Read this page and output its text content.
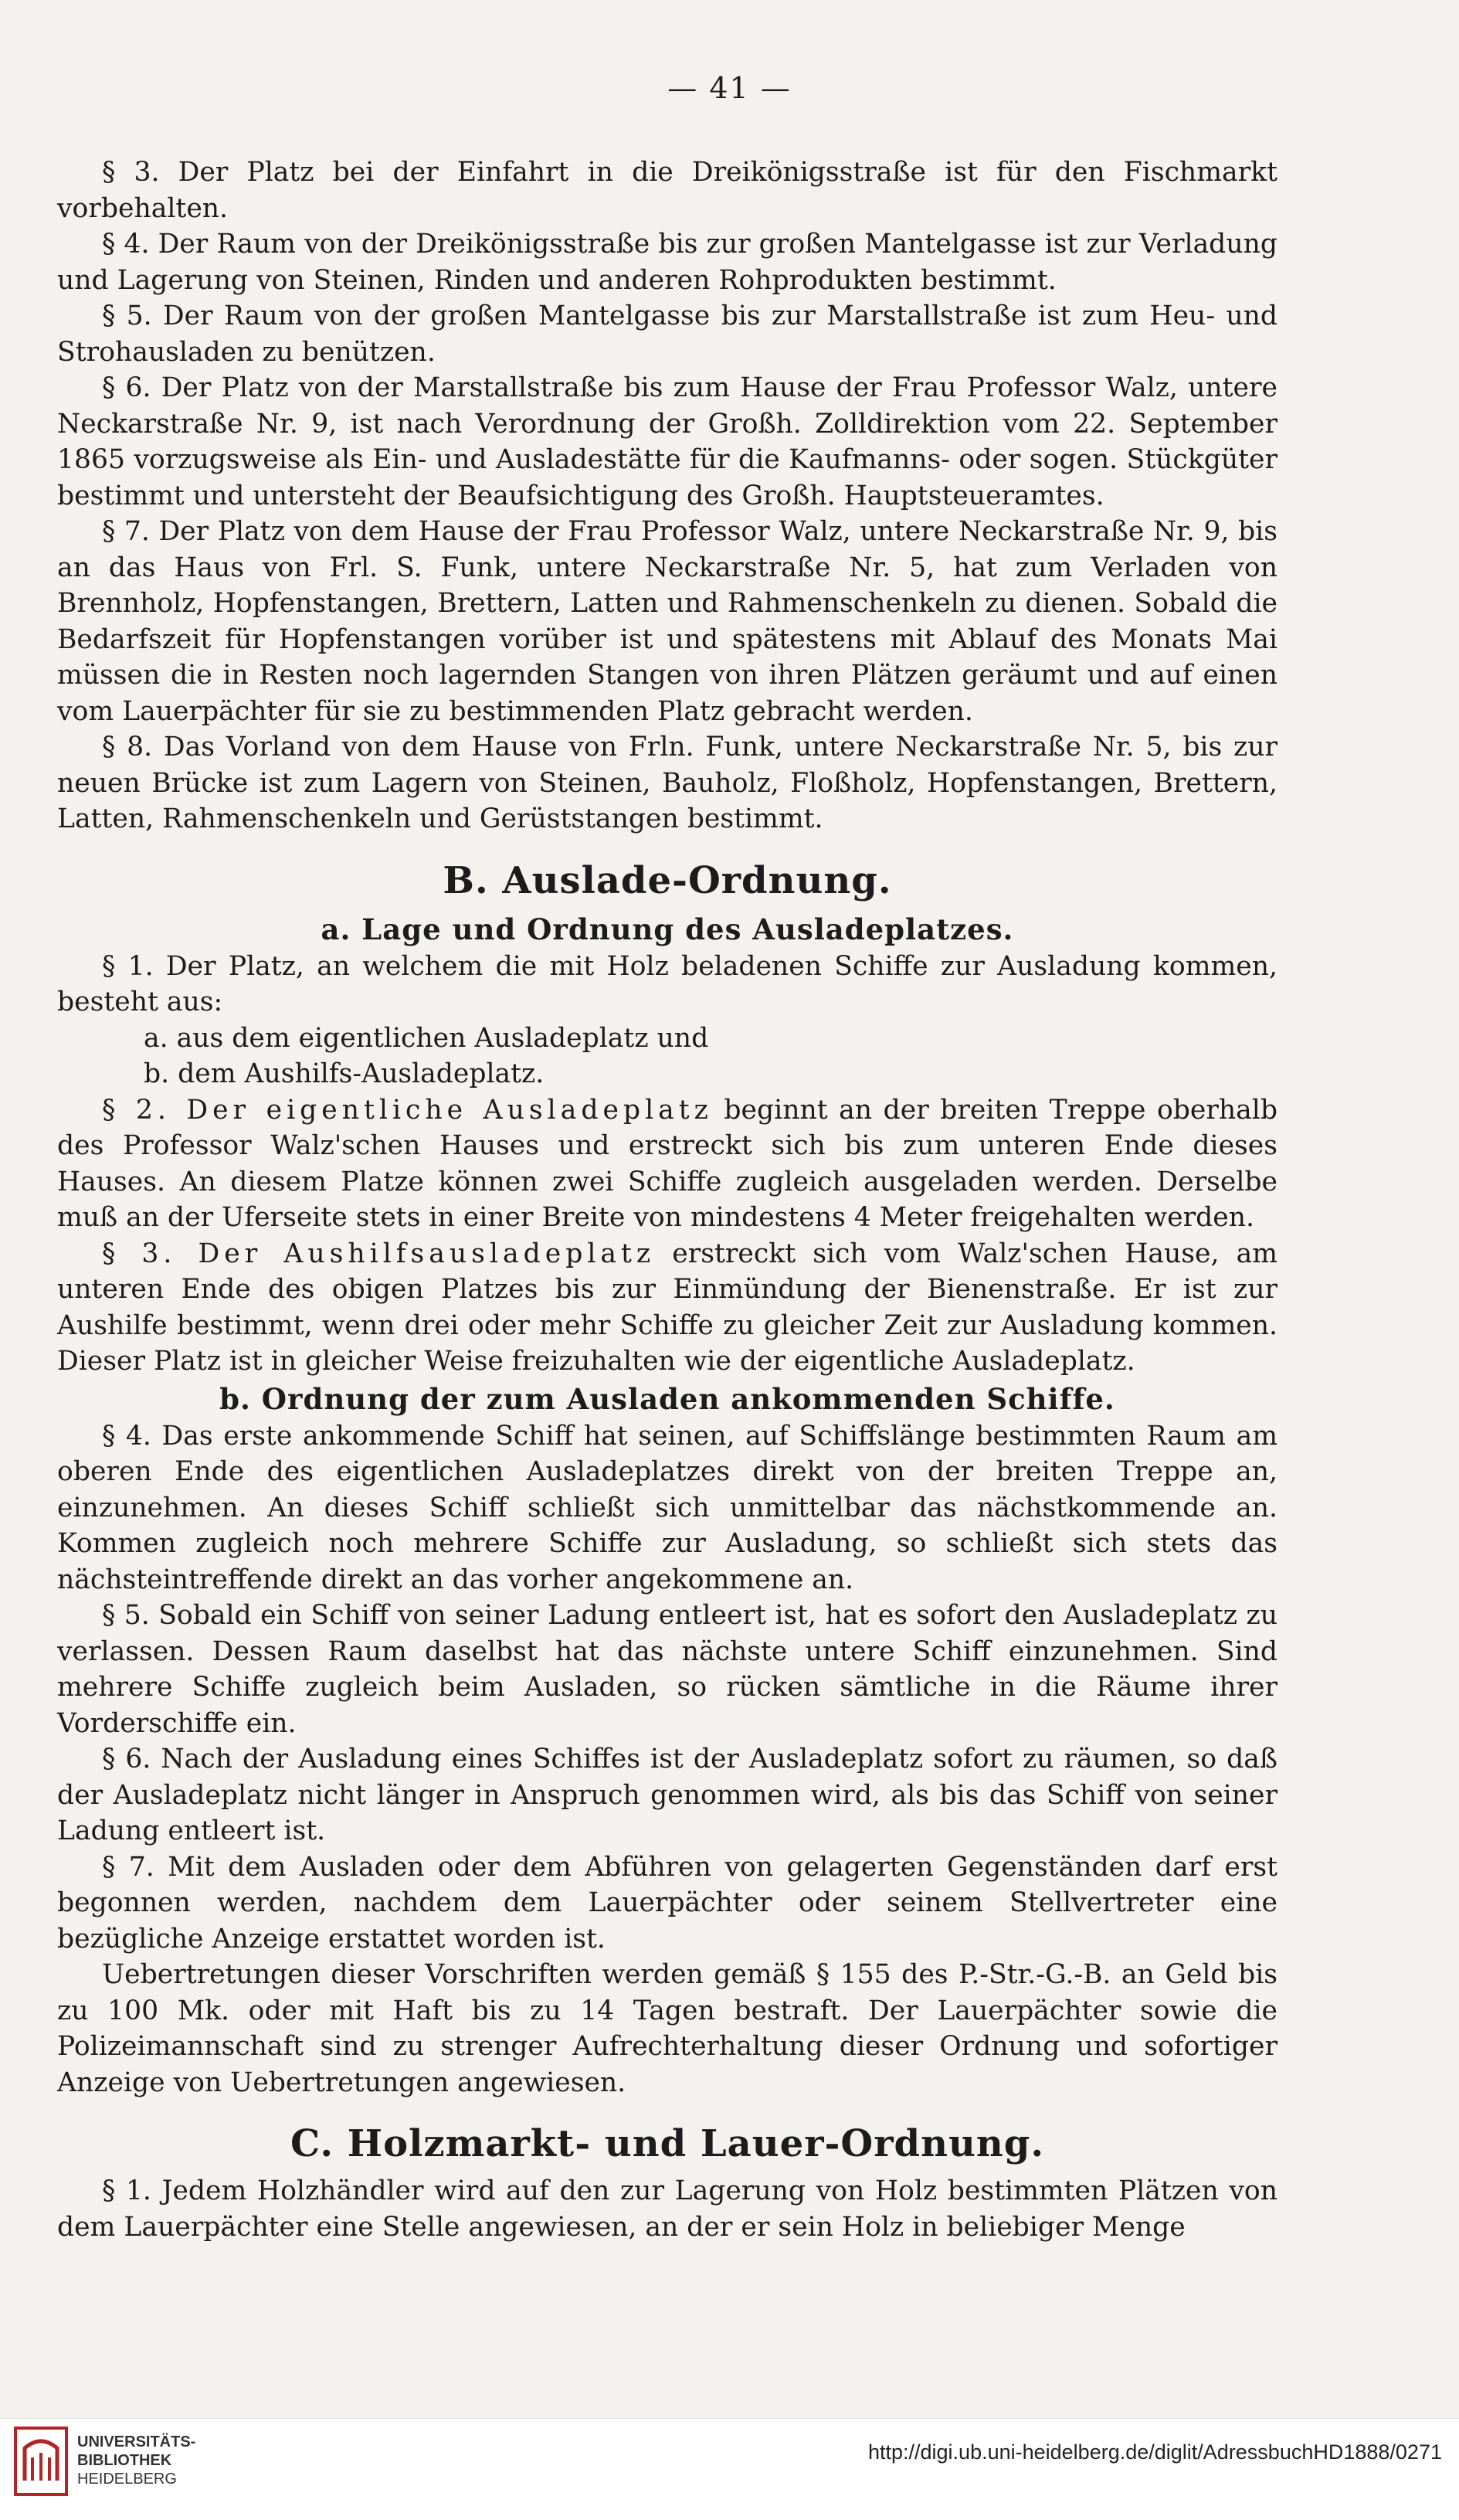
— 41 —

§ 3. Der Platz bei der Einfahrt in die Dreikönigsstraße ist für den Fischmarkt vorbehalten.

§ 4. Der Raum von der Dreikönigsstraße bis zur großen Mantelgasse ist zur Verladung und Lagerung von Steinen, Rinden und anderen Rohprodukten bestimmt.

§ 5. Der Raum von der großen Mantelgasse bis zur Marstallstraße ist zum Heu- und Strohausladen zu benützen.

§ 6. Der Platz von der Marstallstraße bis zum Hause der Frau Professor Walz, untere Neckarstraße Nr. 9, ist nach Verordnung der Großh. Zolldirektion vom 22. September 1865 vorzugsweise als Ein- und Ausladestätte für die Kaufmanns- oder sogen. Stückgüter bestimmt und untersteht der Beaufsichtigung des Großh. Hauptsteueramtes.

§ 7. Der Platz von dem Hause der Frau Professor Walz, untere Neckarstraße Nr. 9, bis an das Haus von Frl. S. Funk, untere Neckarstraße Nr. 5, hat zum Verladen von Brennholz, Hopfenstangen, Brettern, Latten und Rahmenschenkeln zu dienen. Sobald die Bedarfszeit für Hopfenstangen vorüber ist und spätestens mit Ablauf des Monats Mai müssen die in Resten noch lagernden Stangen von ihren Plätzen geräumt und auf einen vom Lauerpächter für sie zu bestimmenden Platz gebracht werden.

§ 8. Das Vorland von dem Hause von Frln. Funk, untere Neckarstraße Nr. 5, bis zur neuen Brücke ist zum Lagern von Steinen, Bauholz, Floßholz, Hopfenstangen, Brettern, Latten, Rahmenschenkeln und Gerüststangen bestimmt.

B. Auslade-Ordnung.
a. Lage und Ordnung des Ausladeplatzes.

§ 1. Der Platz, an welchem die mit Holz beladenen Schiffe zur Ausladung kommen, besteht aus:

a. aus dem eigentlichen Ausladeplatz und

b. dem Aushilfs-Ausladeplatz.

§ 2. Der eigentliche Ausladeplatz beginnt an der breiten Treppe oberhalb des Professor Walz'schen Hauses und erstreckt sich bis zum unteren Ende dieses Hauses. An diesem Platze können zwei Schiffe zugleich ausgeladen werden. Derselbe muß an der Uferseite stets in einer Breite von mindestens 4 Meter freigehalten werden.

§ 3. Der Aushilfsausladeplatz erstreckt sich vom Walz'schen Hause, am unteren Ende des obigen Platzes bis zur Einmündung der Bienenstraße. Er ist zur Aushilfe bestimmt, wenn drei oder mehr Schiffe zu gleicher Zeit zur Ausladung kommen. Dieser Platz ist in gleicher Weise freizuhalten wie der eigentliche Ausladeplatz.

b. Ordnung der zum Ausladen ankommenden Schiffe.

§ 4. Das erste ankommende Schiff hat seinen, auf Schiffslänge bestimmten Raum am oberen Ende des eigentlichen Ausladeplatzes direkt von der breiten Treppe an, einzunehmen. An dieses Schiff schließt sich unmittelbar das nächstkommende an. Kommen zugleich noch mehrere Schiffe zur Ausladung, so schließt sich stets das nächsteintreffende direkt an das vorher angekommene an.

§ 5. Sobald ein Schiff von seiner Ladung entleert ist, hat es sofort den Ausladeplatz zu verlassen. Dessen Raum daselbst hat das nächste untere Schiff einzunehmen. Sind mehrere Schiffe zugleich beim Ausladen, so rücken sämtliche in die Räume ihrer Vorderschiffe ein.

§ 6. Nach der Ausladung eines Schiffes ist der Ausladeplatz sofort zu räumen, so daß der Ausladeplatz nicht länger in Anspruch genommen wird, als bis das Schiff von seiner Ladung entleert ist.

§ 7. Mit dem Ausladen oder dem Abführen von gelagerten Gegenständen darf erst begonnen werden, nachdem dem Lauerpächter oder seinem Stellvertreter eine bezügliche Anzeige erstattet worden ist.

Uebertretungen dieser Vorschriften werden gemäß § 155 des P.-Str.-G.-B. an Geld bis zu 100 Mk. oder mit Haft bis zu 14 Tagen bestraft. Der Lauerpächter sowie die Polizeimannschaft sind zu strenger Aufrechterhaltung dieser Ordnung und sofortiger Anzeige von Uebertretungen angewiesen.

C. Holzmarkt- und Lauer-Ordnung.

§ 1. Jedem Holzhändler wird auf den zur Lagerung von Holz bestimmten Plätzen von dem Lauerpächter eine Stelle angewiesen, an der er sein Holz in beliebiger Menge

UNIVERSITÄTS-
BIBLIOTHEK
HEIDELBERG
http://digi.ub.uni-heidelberg.de/diglit/AdressbuchHD1888/0271
